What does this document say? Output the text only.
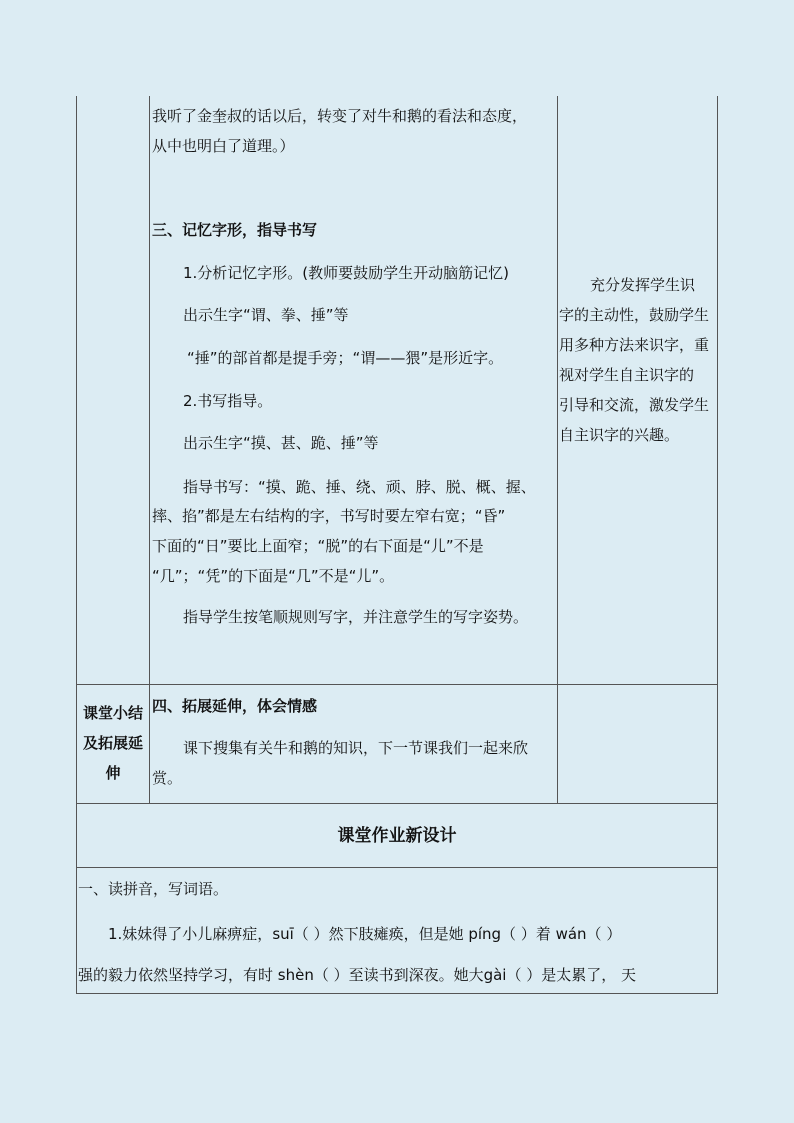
我听了金奎叔的话以后，转变了对牛和鹅的看法和态度，
从中也明白了道理。）
三、记忆字形，指导书写
1.分析记忆字形。(教师要鼓励学生开动脑筋记忆)
出示生字“谓、拳、捶”等
“捶”的部首都是提手旁；“谓——猥”是形近字。
2.书写指导。
出示生字“摸、甚、跪、捶”等
指导书写：“摸、跪、捶、绕、顽、脖、脱、概、握、
摔、掐”都是左右结构的字，书写时要左窄右宽；“昏”
下面的“日”要比上面窄；“脱”的右下面是“儿”不是
“几”；“凭”的下面是“几”不是“儿”。
指导学生按笔顺规则写字，并注意学生的写字姿势。
充分发挥学生识
字的主动性，鼓励学生
用多种方法来识字，重
视对学生自主识字的
引导和交流，激发学生
自主识字的兴趣。
课堂小结
及拓展延
伸
四、拓展延伸，体会情感
课下搜集有关牛和鹅的知识，下一节课我们一起来欣
赏。
课堂作业新设计
一、读拼音，写词语。
1.妹妹得了小儿麻痹症，suī（ ）然下肢瘫痪，但是她 píng（ ）着 wán（ ）
强的毅力依然坚持学习，有时 shèn（ ）至读书到深夜。她大gài（ ）是太累了， 天
